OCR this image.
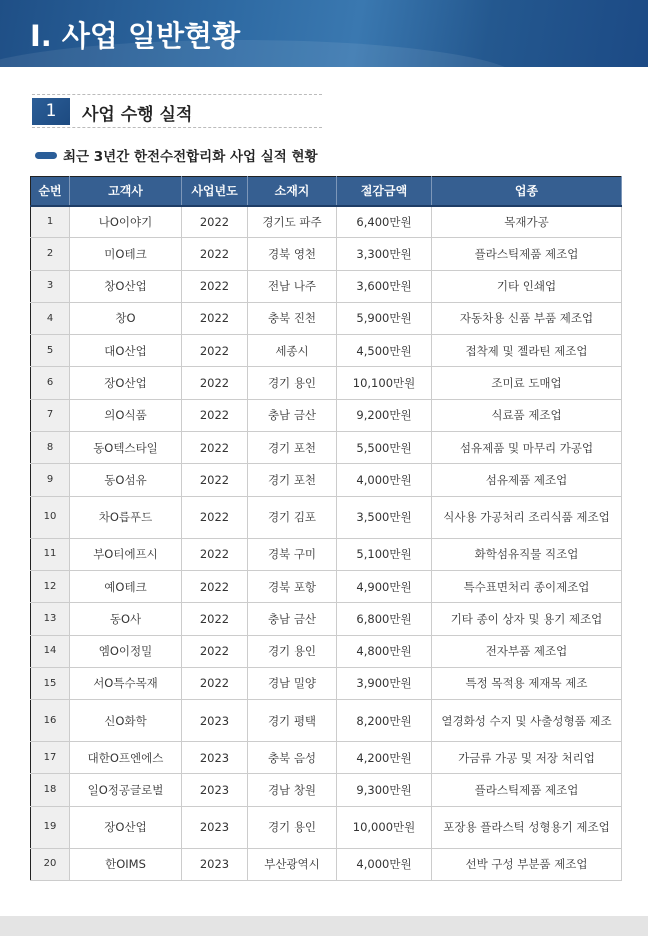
I. 사업 일반현황
1	사업 수행 실적
최근 3년간 한전수전합리화 사업 실적 현황
순번	고객사	사업년도	소재지	절감금액	업종
1	나O이야기	2022	경기도 파주	6,400만원	목재가공
2	미O테크	2022	경북 영천	3,300만원	플라스틱제품 제조업
3	창O산업	2022	전남 나주	3,600만원	기타 인쇄업
4	창O	2022	충북 진천	5,900만원	자동차용 신품 부품 제조업
5	대O산업	2022	세종시	4,500만원	접착제 및 젤라틴 제조업
6	장O산업	2022	경기 용인	10,100만원	조미료 도매업
7	의O식품	2022	충남 금산	9,200만원	식료품 제조업
8	동O텍스타일	2022	경기 포천	5,500만원	섬유제품 및 마무리 가공업
9	동O섬유	2022	경기 포천	4,000만원	섬유제품 제조업
10	차O릅푸드	2022	경기 김포	3,500만원	식사용 가공처리 조리식품 제조업
11	부O티에프시	2022	경북 구미	5,100만원	화학섬유직물 직조업
12	예O테크	2022	경북 포항	4,900만원	특수표면처리 종이제조업
13	동O사	2022	충남 금산	6,800만원	기타 종이 상자 및 용기 제조업
14	엠O이정밀	2022	경기 용인	4,800만원	전자부품 제조업
15	서O특수목재	2022	경남 밀양	3,900만원	특정 목적용 제재목 제조
16	신O화학	2023	경기 평택	8,200만원	열경화성 수지 및 사출성형품 제조
17	대한O프엔에스	2023	충북 음성	4,200만원	가금류 가공 및 저장 처리업
18	일O정공글로벌	2023	경남 창원	9,300만원	플라스틱제품 제조업
19	장O산업	2023	경기 용인	10,000만원	포장용 플라스틱 성형용기 제조업
20	한OIMS	2023	부산광역시	4,000만원	선박 구성 부분품 제조업
